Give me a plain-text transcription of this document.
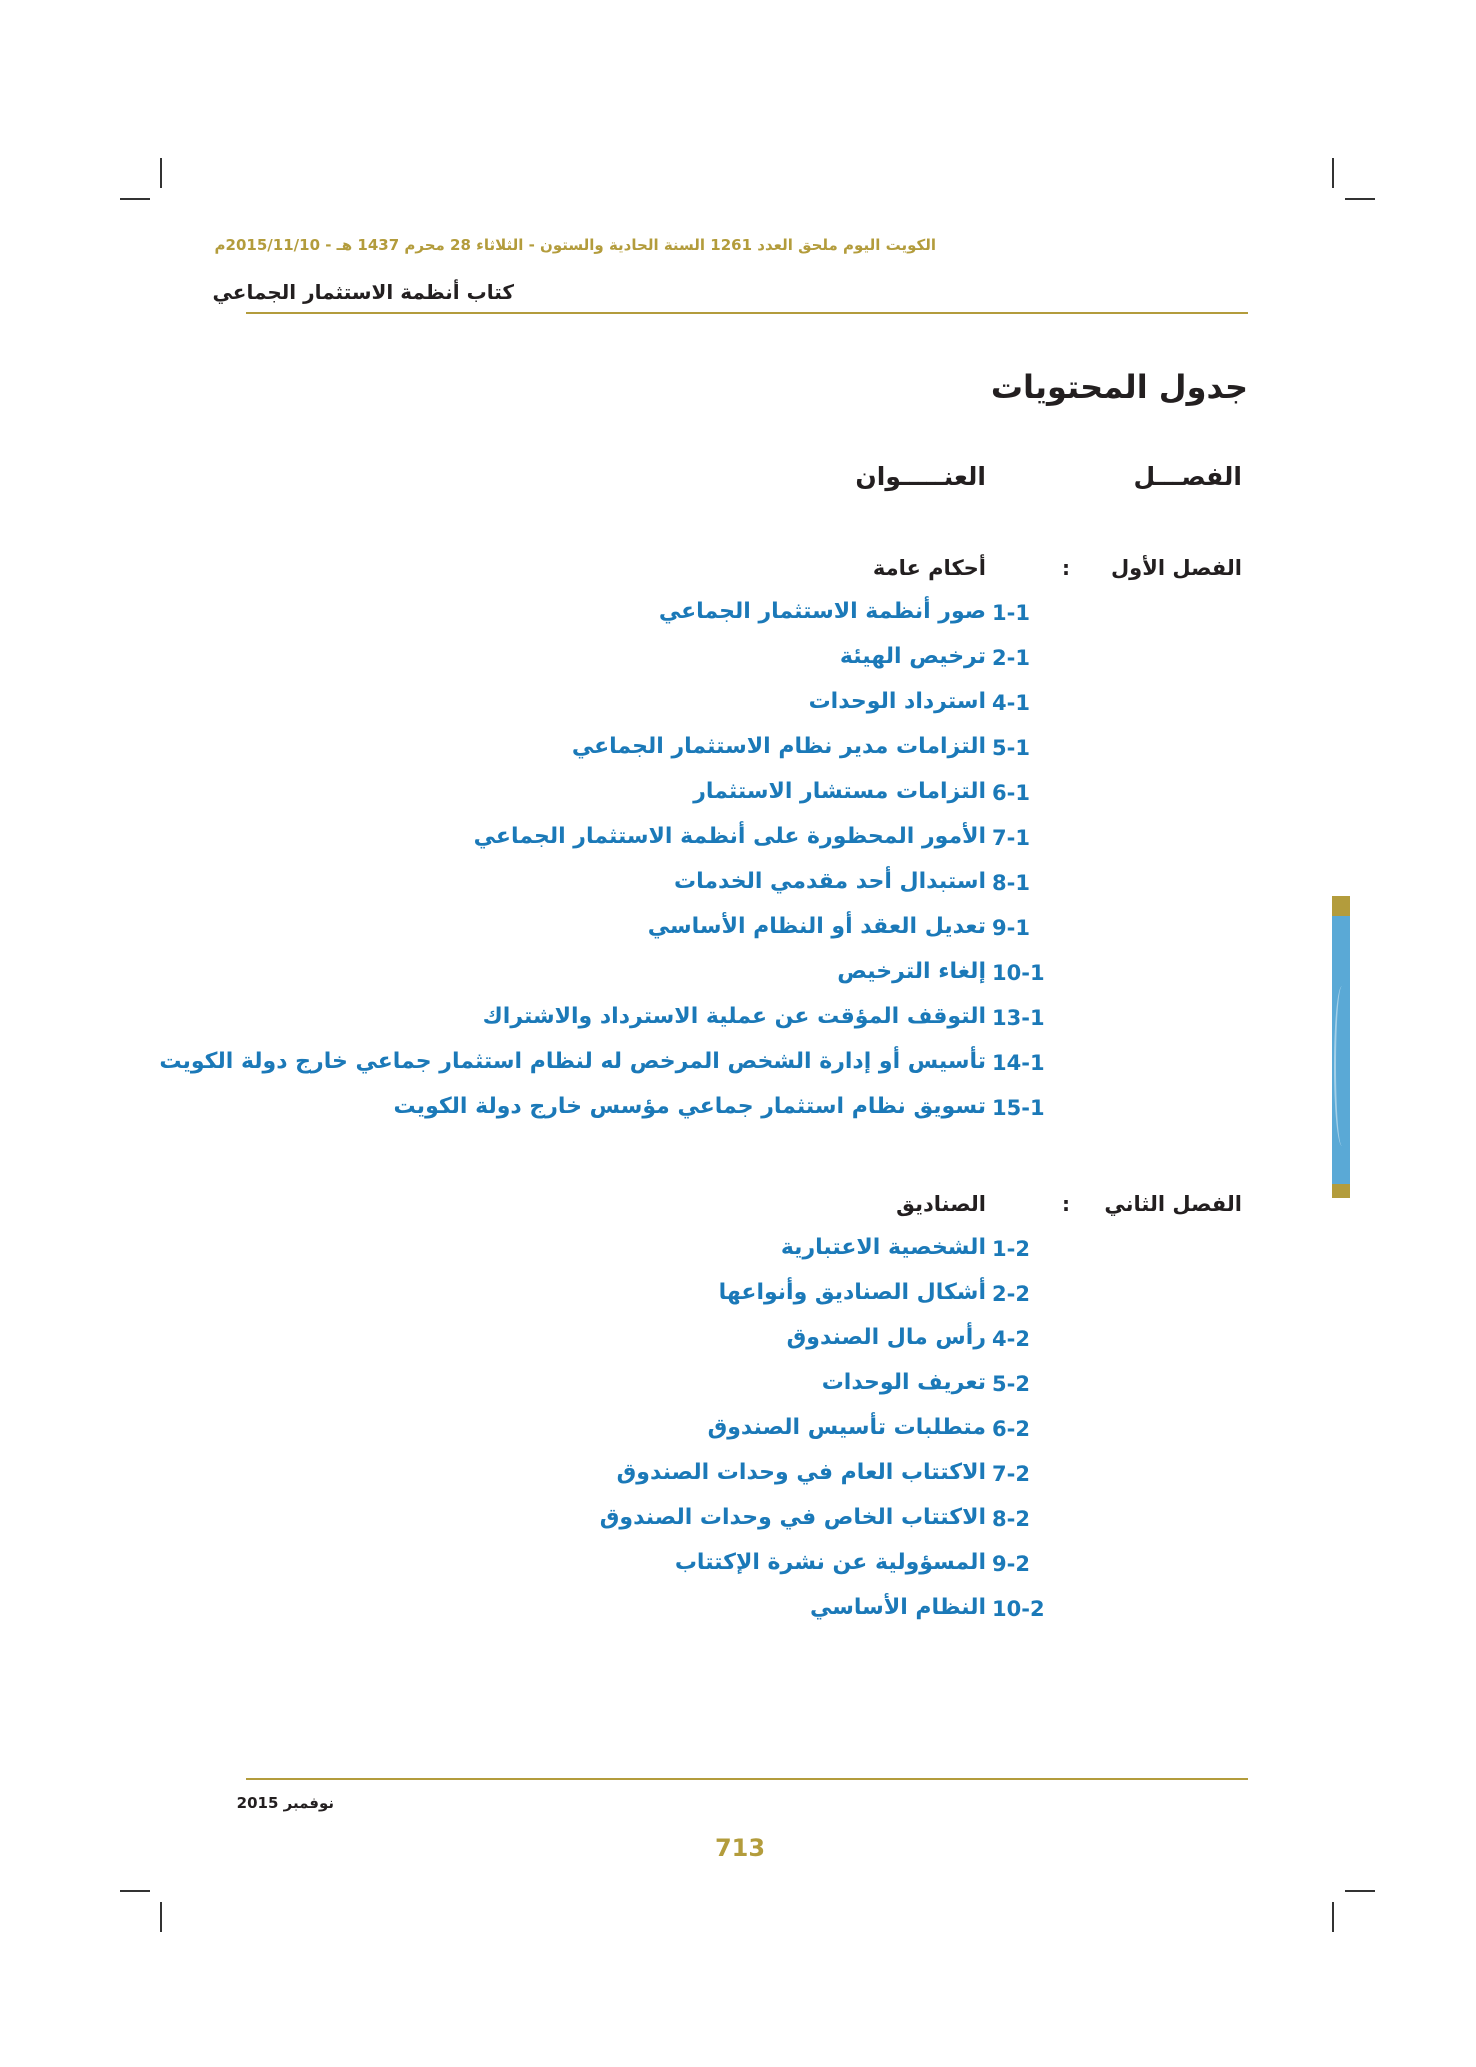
الكويت اليوم ملحق العدد 1261 السنة الحادية والستون - الثلاثاء 28 محرم 1437 هـ - 2015/11/10م
كتاب أنظمة الاستثمار الجماعي
جدول المحتويات
الفصـــل
العنـــــوان
الفصل الأول
:
أحكام عامة
1-1
صور أنظمة الاستثمار الجماعي
2-1
ترخيص الهيئة
4-1
استرداد الوحدات
5-1
التزامات مدير نظام الاستثمار الجماعي
6-1
التزامات مستشار الاستثمار
7-1
الأمور المحظورة على أنظمة الاستثمار الجماعي
8-1
استبدال أحد مقدمي الخدمات
9-1
تعديل العقد أو النظام الأساسي
10-1
إلغاء الترخيص
13-1
التوقف المؤقت عن عملية الاسترداد والاشتراك
14-1
تأسيس أو إدارة الشخص المرخص له لنظام استثمار جماعي خارج دولة الكويت
15-1
تسويق نظام استثمار جماعي مؤسس خارج دولة الكويت
الفصل الثاني
:
الصناديق
1-2
الشخصية الاعتبارية
2-2
أشكال الصناديق وأنواعها
4-2
رأس مال الصندوق
5-2
تعريف الوحدات
6-2
متطلبات تأسيس الصندوق
7-2
الاكتتاب العام في وحدات الصندوق
8-2
الاكتتاب الخاص في وحدات الصندوق
9-2
المسؤولية عن نشرة الإكتتاب
10-2
النظام الأساسي
نوفمبر 2015
713
